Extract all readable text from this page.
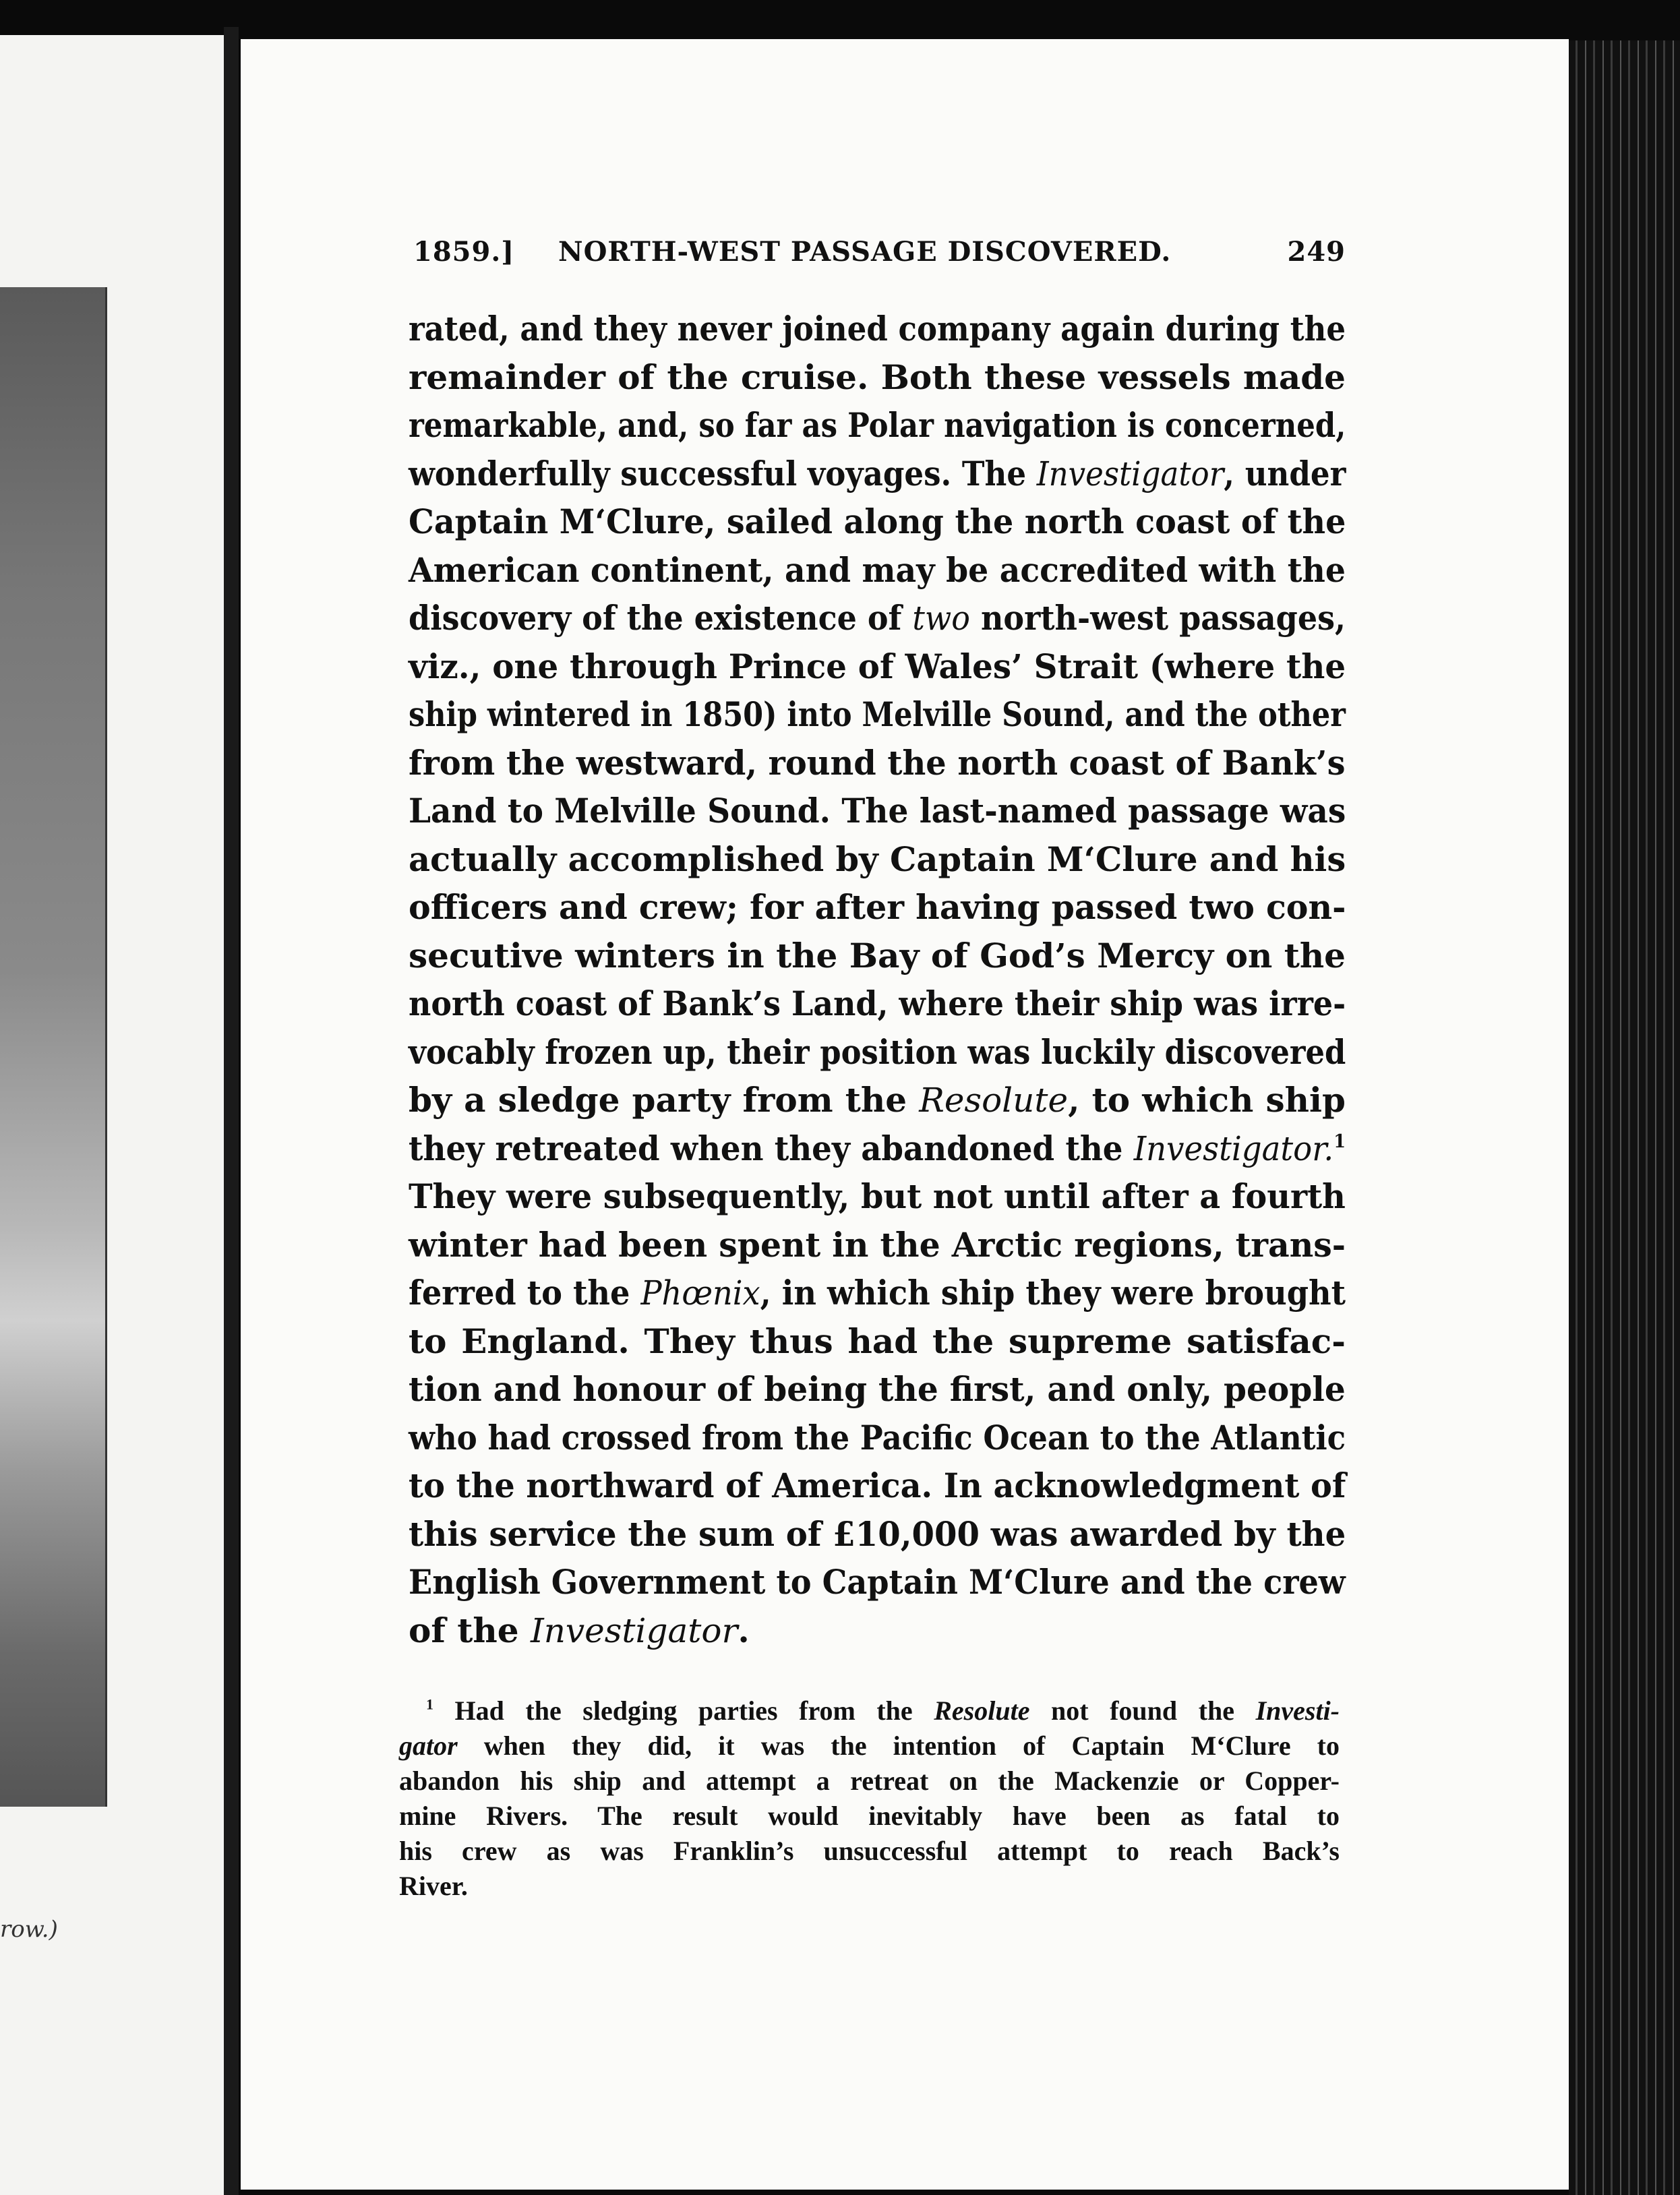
row.)
1859.] NORTH-WEST PASSAGE DISCOVERED.	249
rated, and they never joined company again during the
remainder of the cruise. Both these vessels made
remarkable, and, so far as Polar navigation is concerned,
wonderfully successful voyages. The Investigator, under
Captain M‘Clure, sailed along the north coast of the
American continent, and may be accredited with the
discovery of the existence of two north-west passages,
viz., one through Prince of Wales’ Strait (where the
ship wintered in 1850) into Melville Sound, and the other
from the westward, round the north coast of Bank’s
Land to Melville Sound. The last-named passage was
actually accomplished by Captain M‘Clure and his
officers and crew; for after having passed two con-
secutive winters in the Bay of God’s Mercy on the
north coast of Bank’s Land, where their ship was irre-
vocably frozen up, their position was luckily discovered
by a sledge party from the Resolute, to which ship
they retreated when they abandoned the Investigator.$^1$
They were subsequently, but not until after a fourth
winter had been spent in the Arctic regions, trans-
ferred to the Phœnix, in which ship they were brought
to England. They thus had the supreme satisfac-
tion and honour of being the first, and only, people
who had crossed from the Pacific Ocean to the Atlantic
to the northward of America. In acknowledgment of
this service the sum of £10,000 was awarded by the
English Government to Captain M‘Clure and the crew
of the Investigator.
$^1$ Had the sledging parties from the Resolute not found the Investi-
gator when they did, it was the intention of Captain M‘Clure to
abandon his ship and attempt a retreat on the Mackenzie or Copper-
mine Rivers. The result would inevitably have been as fatal to
his crew as was Franklin’s unsuccessful attempt to reach Back’s
River.
